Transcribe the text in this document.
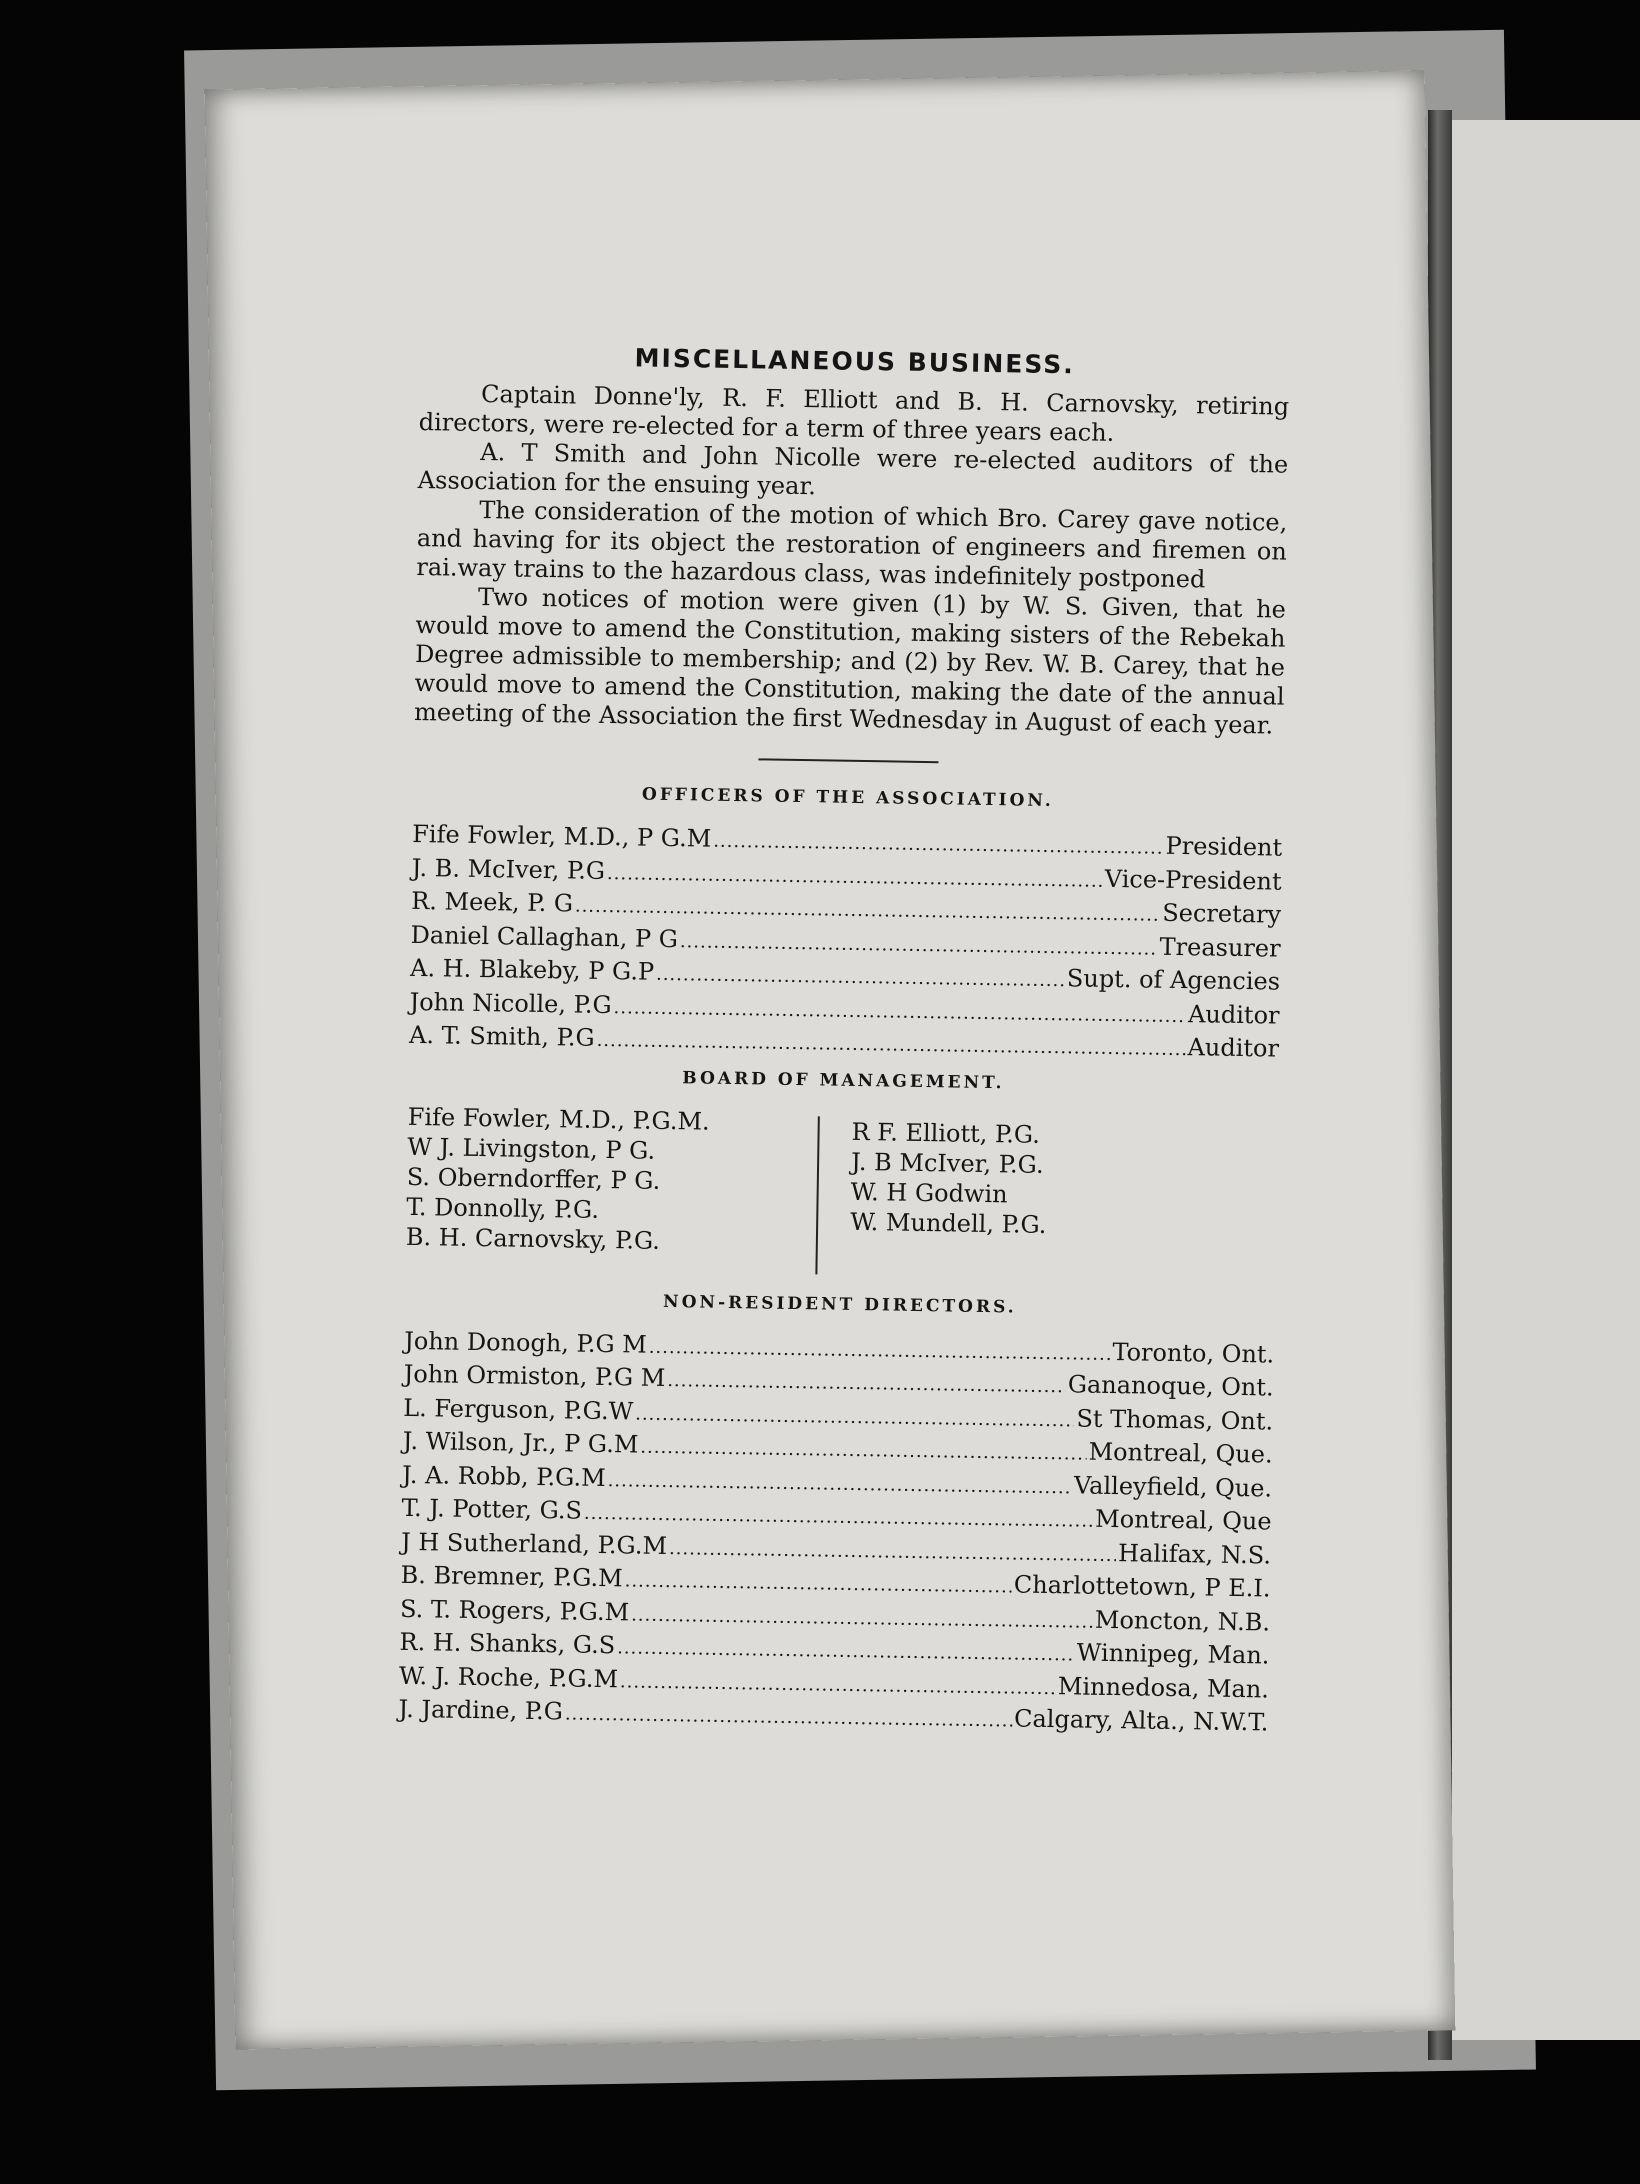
MISCELLANEOUS BUSINESS.

Captain Donne'ly, R. F. Elliott and B. H. Carnovsky, retiring directors, were re-elected for a term of three years each.

A. T Smith and John Nicolle were re-elected auditors of the Association for the ensuing year.

The consideration of the motion of which Bro. Carey gave notice, and having for its object the restoration of engineers and firemen on rai.way trains to the hazardous class, was indefinitely postponed

Two notices of motion were given (1) by W. S. Given, that he would move to amend the Constitution, making sisters of the Rebekah Degree admissible to membership; and (2) by Rev. W. B. Carey, that he would move to amend the Constitution, making the date of the annual meeting of the Association the first Wednesday in August of each year.

OFFICERS OF THE ASSOCIATION.
Fife Fowler, M.D., P G.M .....	President
J. B. McIver, P.G .....	Vice-President
R. Meek, P. G .....	Secretary
Daniel Callaghan, P G .....	Treasurer
A. H. Blakeby, P G.P .....	Supt. of Agencies
John Nicolle, P.G .....	Auditor
A. T. Smith, P.G .....	Auditor
BOARD OF MANAGEMENT.
Fife Fowler, M.D., P.G.M.
W J. Livingston, P G.
S. Oberndorffer, P G.
T. Donnolly, P.G.
B. H. Carnovsky, P.G.
R F. Elliott, P.G.
J. B McIver, P.G.
W. H Godwin
W. Mundell, P.G.
NON-RESIDENT DIRECTORS.
John Donogh, P.G M .....	Toronto, Ont.
John Ormiston, P.G M .....	Gananoque, Ont.
L. Ferguson, P.G.W .....	St Thomas, Ont.
J. Wilson, Jr., P G.M .....	Montreal, Que.
J. A. Robb, P.G.M .....	Valleyfield, Que.
T. J. Potter, G.S .....	Montreal, Que
J H Sutherland, P.G.M .....	Halifax, N.S.
B. Bremner, P.G.M .....	Charlottetown, P E.I.
S. T. Rogers, P.G.M .....	Moncton, N.B.
R. H. Shanks, G.S .....	Winnipeg, Man.
W. J. Roche, P.G.M .....	Minnedosa, Man.
J. Jardine, P.G .....	Calgary, Alta., N.W.T.
